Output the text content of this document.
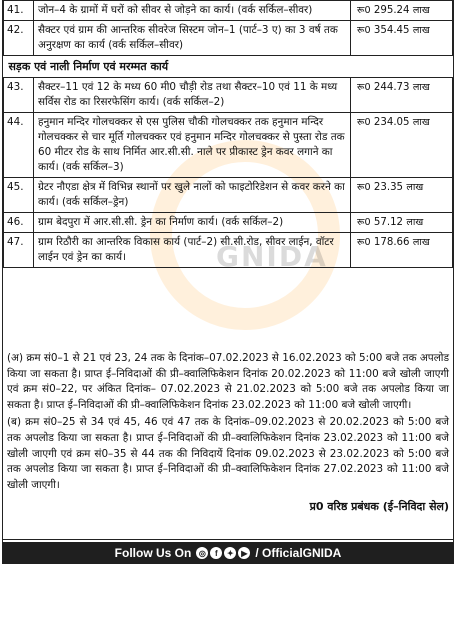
GNIDA
41.	जोन–4 के ग्रामों में घरों को सीवर से जोड़ने का कार्य। (वर्क सर्किल–सीवर)	रू0 295.24 लाख
42.	सैक्टर एवं ग्राम की आन्तरिक सीवरेज सिस्टम जोन–1 (पार्ट–3 ए) का 3 वर्ष तक अनुरक्षण का कार्य (वर्क सर्किल–सीवर)	रू0 354.45 लाख
सड़क एवं नाली निर्माण एवं मरम्मत कार्य		
43.	सैक्टर–11 एवं 12 के मध्य 60 मी0 चौड़ी रोड तथा सैक्टर–10 एवं 11 के मध्य सर्विस रोड का रिसरफेसिंग कार्य। (वर्क सर्किल–2)	रू0 244.73 लाख
44.	हनुमान मन्दिर गोलचक्कर से एस पुलिस चौकी गोलचक्कर तक हनुमान मन्दिर गोलचक्कर से चार मूर्ति गोलचक्कर एवं हनुमान मन्दिर गोलचक्कर से पुस्ता रोड तक 60 मीटर रोड के साथ निर्मित आर.सी.सी. नाले पर प्रीकास्ट ड्रेन कवर लगाने का कार्य। (वर्क सर्किल–3)	रू0 234.05 लाख
45.	ग्रेटर नौएडा क्षेत्र में विभिन्न स्थानों पर खुले नालों को फाइटोरिडेशन से कवर करने का कार्य। (वर्क सर्किल–ड्रेन)	रू0 23.35 लाख
46.	ग्राम बेदपुरा में आर.सी.सी. ड्रेन का निर्माण कार्य। (वर्क सर्किल–2)	रू0 57.12 लाख
47.	ग्राम रिठौरी का आन्तरिक विकास कार्य (पार्ट–2) सी.सी.रोड, सीवर लाईन, वॉटर लाईन एवं ड्रेन का कार्य।	रू0 178.66 लाख

(अ) क्रम सं0–1 से 21 एवं 23, 24 तक के दिनांक–07.02.2023 से 16.02.2023 को 5:00 बजे तक अपलोड किया जा सकता है। प्राप्त ई–निविदाओं की प्री–क्वालिफिकेशन दिनांक 20.02.2023 को 11:00 बजे खोली जाएगी एवं क्रम सं0–22, पर अंकित दिनांक– 07.02.2023 से 21.02.2023 को 5:00 बजे तक अपलोड किया जा सकता है। प्राप्त ई–निविदाओं की प्री–क्वालिफिकेशन दिनांक 23.02.2023 को 11:00 बजे खोली जाएगी।

(ब) क्रम सं0–25 से 34 एवं 45, 46 एवं 47 तक के दिनांक–09.02.2023 से 20.02.2023 को 5:00 बजे तक अपलोड किया जा सकता है। प्राप्त ई–निविदाओं की प्री–क्वालिफिकेशन दिनांक 23.02.2023 को 11:00 बजे खोली जाएगी एवं क्रम सं0–35 से 44 तक की निविदायें दिनांक 09.02.2023 से 23.02.2023 को 5:00 बजे तक अपलोड किया जा सकता है। प्राप्त ई–निविदाओं की प्री–क्वालिफिकेशन दिनांक 27.02.2023 को 11:00 बजे खोली जाएगी।

प्र0 वरिष्ठ प्रबंधक (ई–निविदा सेल)
Follow Us On ◎	f	✦ ▶ / OfficialGNIDA
